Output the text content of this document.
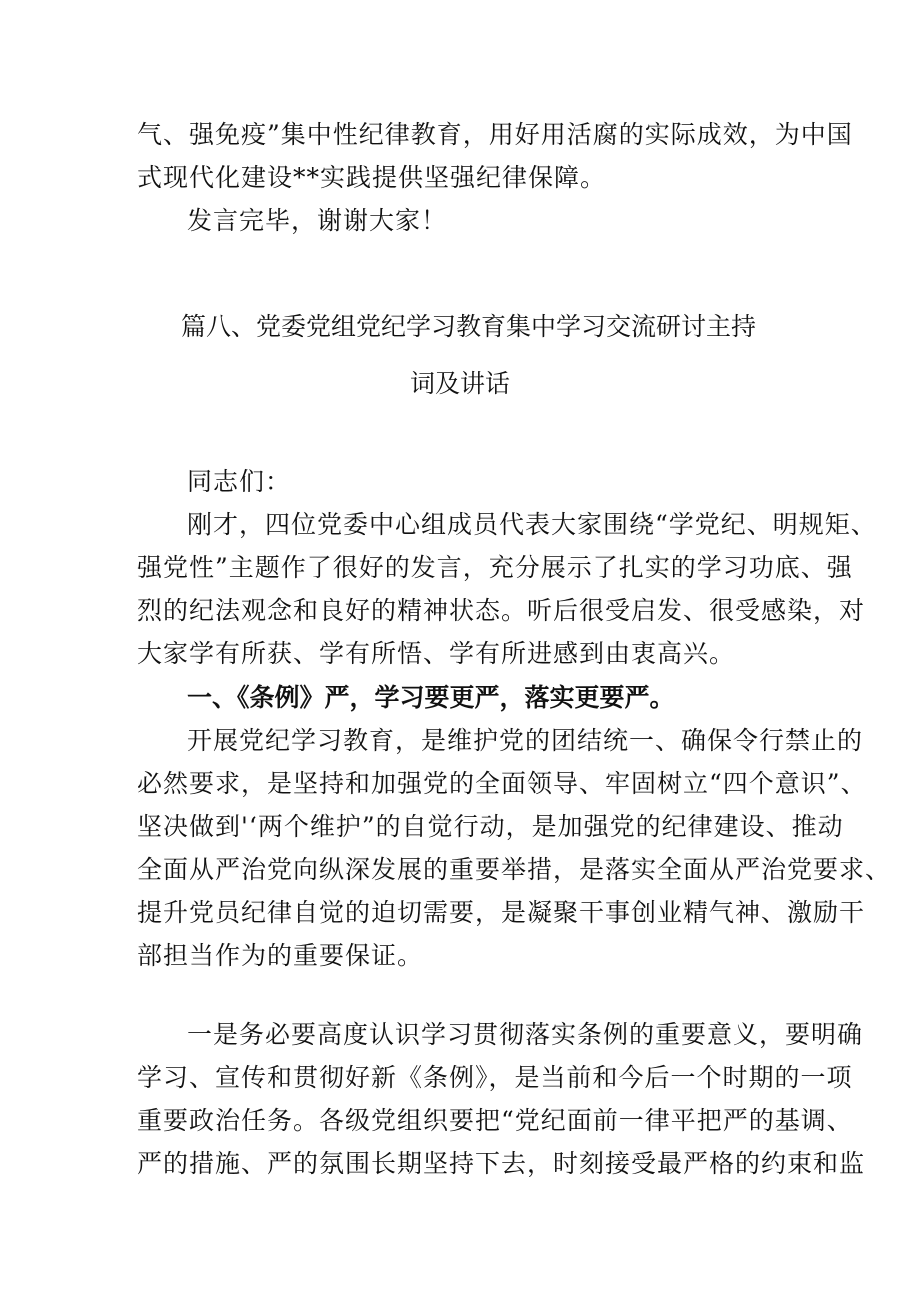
气、强免疫”集中性纪律教育，用好用活腐的实际成效，为中国
式现代化建设**实践提供坚强纪律保障。
发言完毕，谢谢大家！
篇八、党委党组党纪学习教育集中学习交流研讨主持
词及讲话
同志们：
刚才，四位党委中心组成员代表大家围绕“学党纪、明规矩、
强党性”主题作了很好的发言，充分展示了扎实的学习功底、强
烈的纪法观念和良好的精神状态。听后很受启发、很受感染，对
大家学有所获、学有所悟、学有所进感到由衷高兴。
一、《条例》严，学习要更严，落实更要严。
开展党纪学习教育，是维护党的团结统一、确保令行禁止的
必然要求，是坚持和加强党的全面领导、牢固树立“四个意识”、
坚决做到'‘两个维护”的自觉行动，是加强党的纪律建设、推动
全面从严治党向纵深发展的重要举措，是落实全面从严治党要求、
提升党员纪律自觉的迫切需要，是凝聚干事创业精气神、激励干
部担当作为的重要保证。
一是务必要高度认识学习贯彻落实条例的重要意义，要明确
学习、宣传和贯彻好新《条例》，是当前和今后一个时期的一项
重要政治任务。各级党组织要把“党纪面前一律平把严的基调、
严的措施、严的氛围长期坚持下去，时刻接受最严格的约束和监
